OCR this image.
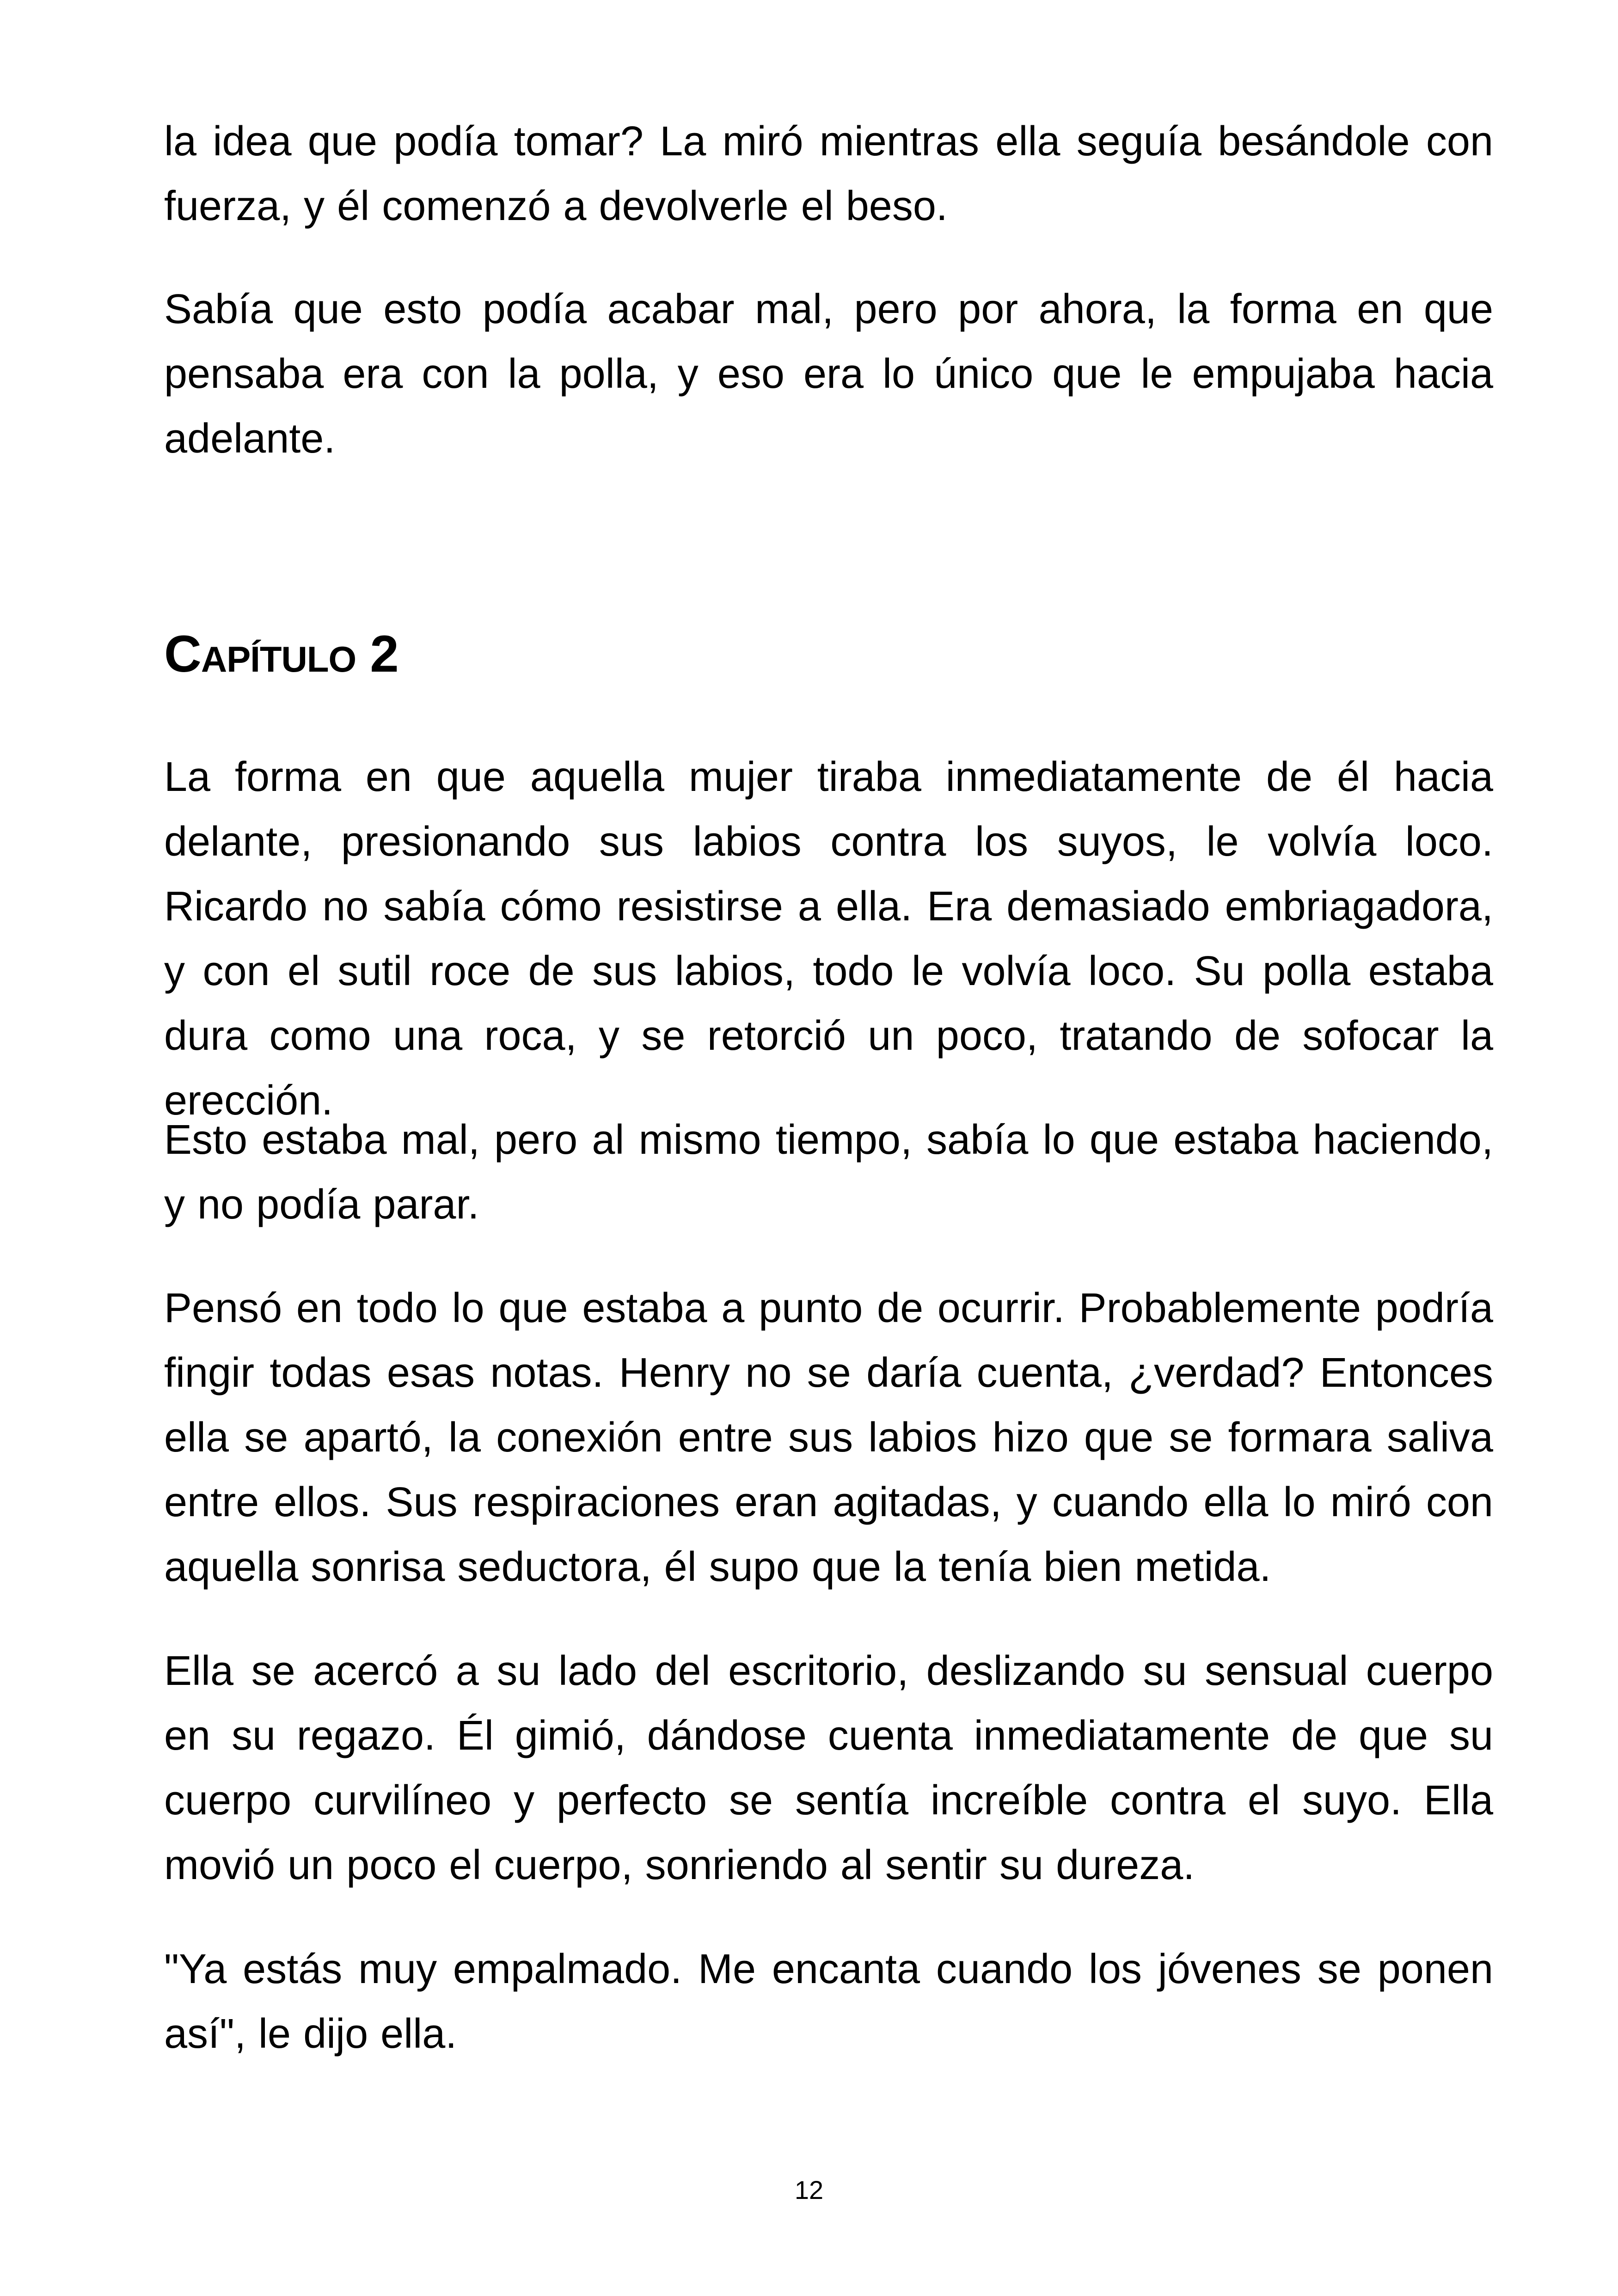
la idea que podía tomar? La miró mientras ella seguía besándole con fuerza, y él comenzó a devolverle el beso.

Sabía que esto podía acabar mal, pero por ahora, la forma en que pensaba era con la polla, y eso era lo único que le empujaba hacia adelante.

Capítulo 2

La forma en que aquella mujer tiraba inmediatamente de él hacia delante, presionando sus labios contra los suyos, le volvía loco. Ricardo no sabía cómo resistirse a ella. Era demasiado embriagadora, y con el sutil roce de sus labios, todo le volvía loco. Su polla estaba dura como una roca, y se retorció un poco, tratando de sofocar la erección.

Esto estaba mal, pero al mismo tiempo, sabía lo que estaba haciendo, y no podía parar.

Pensó en todo lo que estaba a punto de ocurrir. Probablemente podría fingir todas esas notas. Henry no se daría cuenta, ¿verdad? Entonces ella se apartó, la conexión entre sus labios hizo que se formara saliva entre ellos. Sus respiraciones eran agitadas, y cuando ella lo miró con aquella sonrisa seductora, él supo que la tenía bien metida.

Ella se acercó a su lado del escritorio, deslizando su sensual cuerpo en su regazo. Él gimió, dándose cuenta inmediatamente de que su cuerpo curvilíneo y perfecto se sentía increíble contra el suyo. Ella movió un poco el cuerpo, sonriendo al sentir su dureza.

"Ya estás muy empalmado. Me encanta cuando los jóvenes se ponen así", le dijo ella.

12
